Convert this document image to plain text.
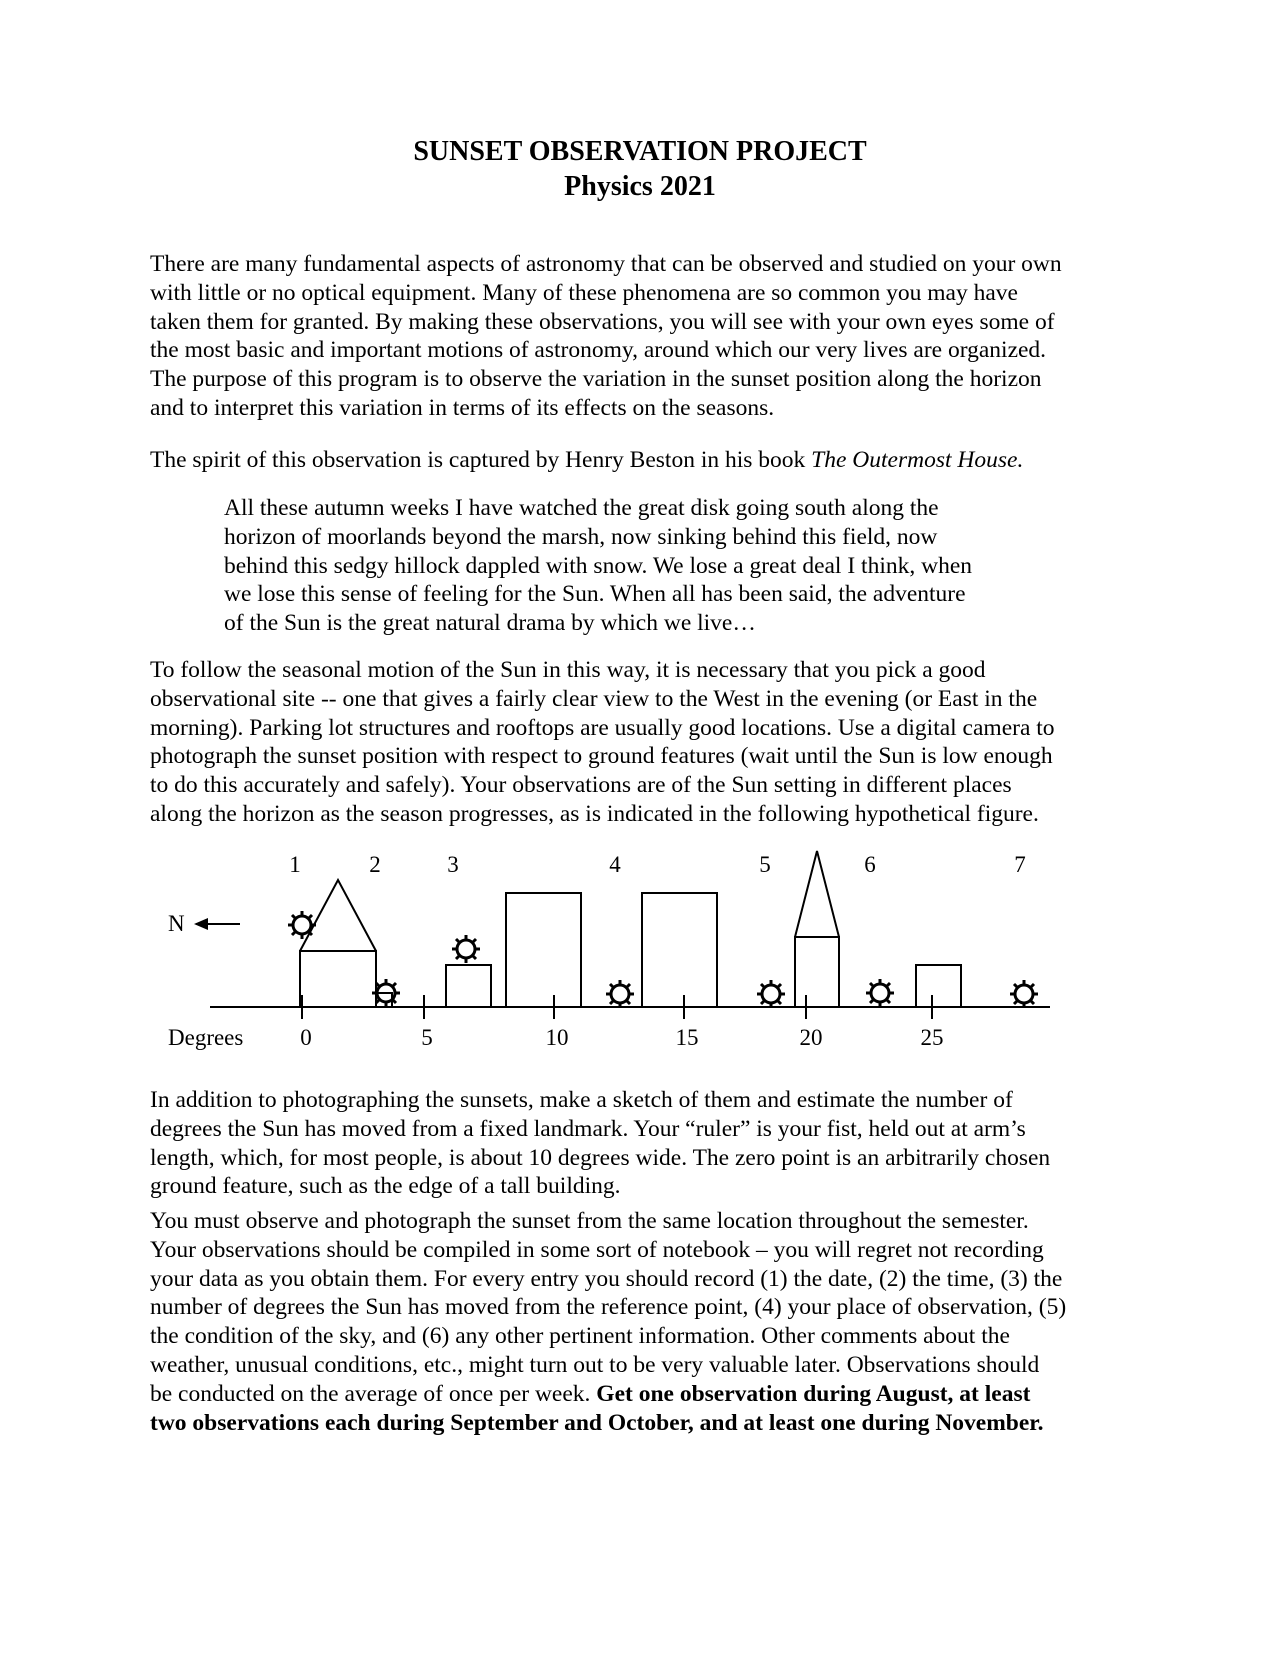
SUNSET OBSERVATION PROJECT
Physics 2021
There are many fundamental aspects of astronomy that can be observed and studied on your own
with little or no optical equipment. Many of these phenomena are so common you may have
taken them for granted. By making these observations, you will see with your own eyes some of
the most basic and important motions of astronomy, around which our very lives are organized.
The purpose of this program is to observe the variation in the sunset position along the horizon
and to interpret this variation in terms of its effects on the seasons.
The spirit of this observation is captured by Henry Beston in his book The Outermost House.
All these autumn weeks I have watched the great disk going south along the
horizon of moorlands beyond the marsh, now sinking behind this field, now
behind this sedgy hillock dappled with snow. We lose a great deal I think, when
we lose this sense of feeling for the Sun. When all has been said, the adventure
of the Sun is the great natural drama by which we live…
To follow the seasonal motion of the Sun in this way, it is necessary that you pick a good
observational site -- one that gives a fairly clear view to the West in the evening (or East in the
morning). Parking lot structures and rooftops are usually good locations. Use a digital camera to
photograph the sunset position with respect to ground features (wait until the Sun is low enough
to do this accurately and safely). Your observations are of the Sun setting in different places
along the horizon as the season progresses, as is indicated in the following hypothetical figure.
1	2	3	4	5	6	7
N
Degrees 0	5	10	15	20	25
In addition to photographing the sunsets, make a sketch of them and estimate the number of
degrees the Sun has moved from a fixed landmark. Your “ruler” is your fist, held out at arm’s
length, which, for most people, is about 10 degrees wide. The zero point is an arbitrarily chosen
ground feature, such as the edge of a tall building.
You must observe and photograph the sunset from the same location throughout the semester.
Your observations should be compiled in some sort of notebook – you will regret not recording
your data as you obtain them. For every entry you should record (1) the date, (2) the time, (3) the
number of degrees the Sun has moved from the reference point, (4) your place of observation, (5)
the condition of the sky, and (6) any other pertinent information. Other comments about the
weather, unusual conditions, etc., might turn out to be very valuable later. Observations should
be conducted on the average of once per week. Get one observation during August, at least
two observations each during September and October, and at least one during November.
